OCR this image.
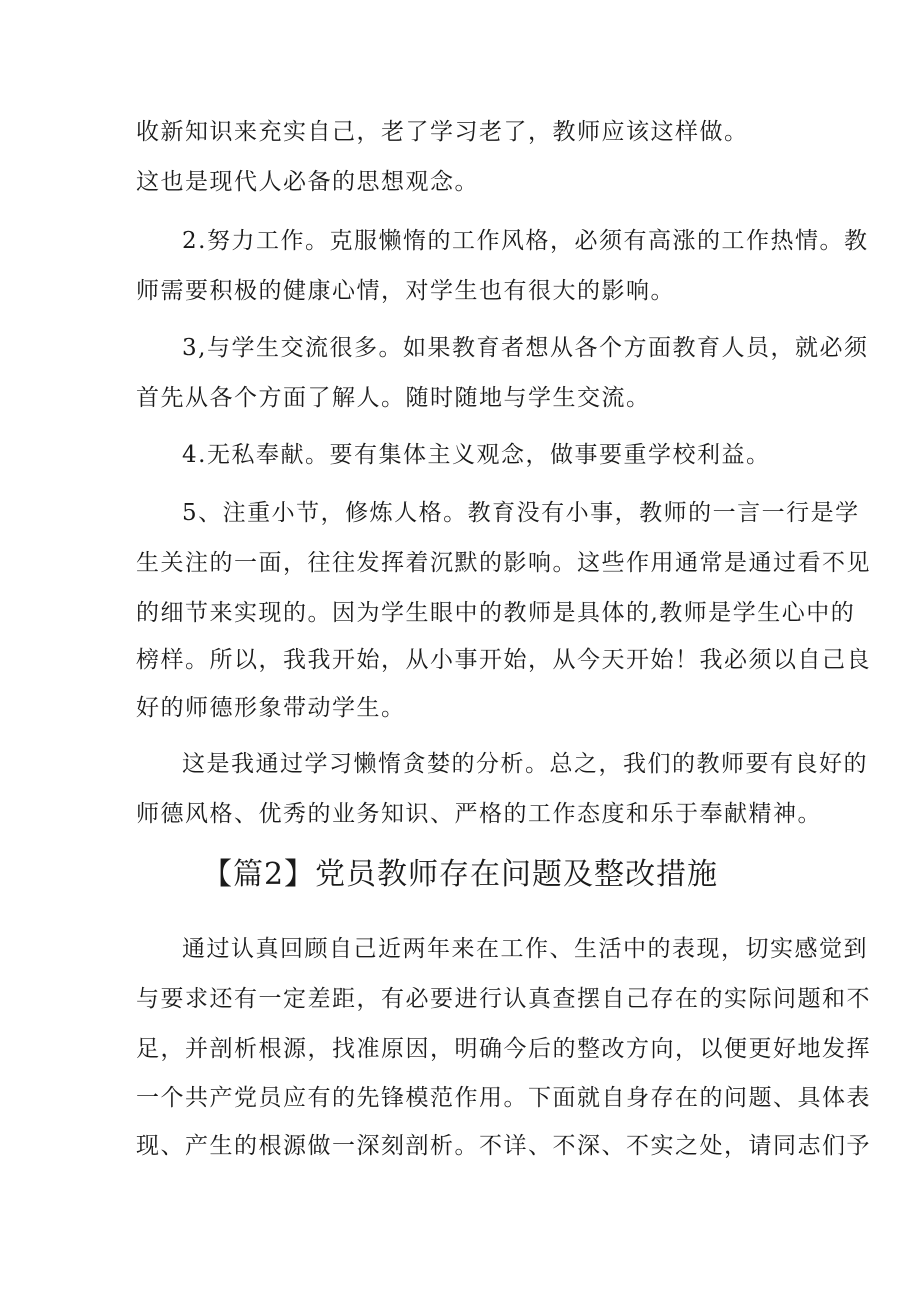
收新知识来充实自己，老了学习老了，教师应该这样做。
这也是现代人必备的思想观念。
2.努力工作。克服懒惰的工作风格，必须有高涨的工作热情。教
师需要积极的健康心情，对学生也有很大的影响。
3,与学生交流很多。如果教育者想从各个方面教育人员，就必须
首先从各个方面了解人。随时随地与学生交流。
4.无私奉献。要有集体主义观念，做事要重学校利益。
5、注重小节，修炼人格。教育没有小事，教师的一言一行是学
生关注的一面，往往发挥着沉默的影响。这些作用通常是通过看不见
的细节来实现的。因为学生眼中的教师是具体的,教师是学生心中的
榜样。所以，我我开始，从小事开始，从今天开始！我必须以自己良
好的师德形象带动学生。
这是我通过学习懒惰贪婪的分析。总之，我们的教师要有良好的
师德风格、优秀的业务知识、严格的工作态度和乐于奉献精神。
【篇2】党员教师存在问题及整改措施
通过认真回顾自己近两年来在工作、生活中的表现，切实感觉到
与要求还有一定差距，有必要进行认真查摆自己存在的实际问题和不
足，并剖析根源，找准原因，明确今后的整改方向，以便更好地发挥
一个共产党员应有的先锋模范作用。下面就自身存在的问题、具体表
现、产生的根源做一深刻剖析。不详、不深、不实之处，请同志们予
